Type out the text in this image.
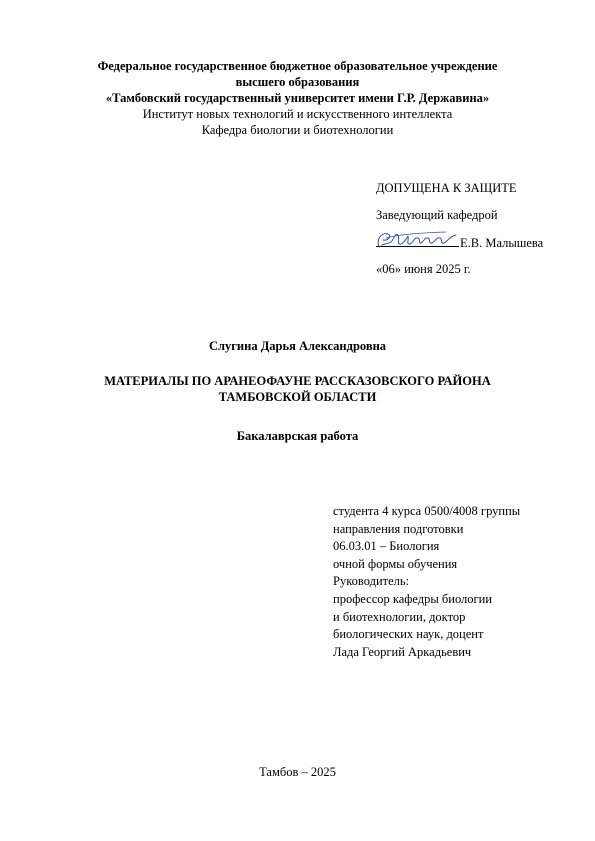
Федеральное государственное бюджетное образовательное учреждение
высшего образования
«Тамбовский государственный университет имени Г.Р. Державина»
Институт новых технологий и искусственного интеллекта
Кафедра биологии и биотехнологии
ДОПУЩЕНА К ЗАЩИТЕ
Заведующий кафедрой
Е.В. Малышева
«06» июня 2025 г.
Слугина Дарья Александровна
МАТЕРИАЛЫ ПО АРАНЕОФАУНЕ РАССКАЗОВСКОГО РАЙОНА
ТАМБОВСКОЙ ОБЛАСТИ
Бакалаврская работа
студента 4 курса 0500/4008 группы
направления подготовки
06.03.01 – Биология
очной формы обучения
Руководитель:
профессор кафедры биологии
и биотехнологии, доктор
биологических наук, доцент
Лада Георгий Аркадьевич
Тамбов – 2025
